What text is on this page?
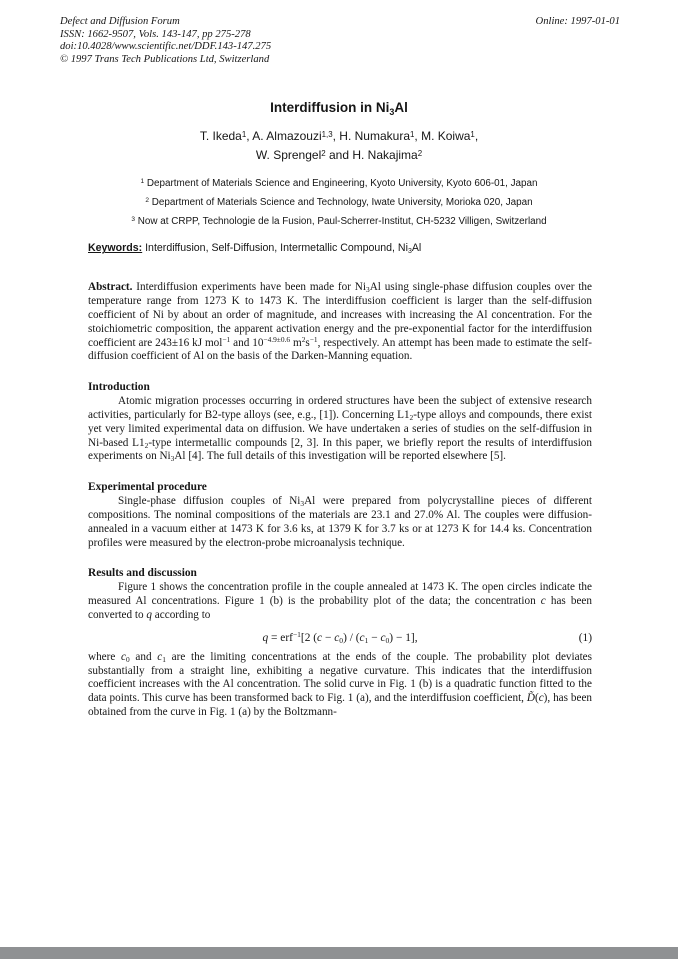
Defect and Diffusion Forum
ISSN: 1662-9507, Vols. 143-147, pp 275-278
doi:10.4028/www.scientific.net/DDF.143-147.275
© 1997 Trans Tech Publications Ltd, Switzerland
Online: 1997-01-01
Interdiffusion in Ni3Al
T. Ikeda$^1$, A. Almazouzi$^{1,3}$, H. Numakura$^1$, M. Koiwa$^1$,
W. Sprengel$^2$ and H. Nakajima$^2$
$^1$ Department of Materials Science and Engineering, Kyoto University, Kyoto 606-01, Japan
$^2$ Department of Materials Science and Technology, Iwate University, Morioka 020, Japan
$^3$ Now at CRPP, Technologie de la Fusion, Paul-Scherrer-Institut, CH-5232 Villigen, Switzerland
Keywords: Interdiffusion, Self-Diffusion, Intermetallic Compound, Ni3Al

Abstract. Interdiffusion experiments have been made for Ni3Al using single-phase diffusion couples over the temperature range from 1273 K to 1473 K. The interdiffusion coefficient is larger than the self-diffusion coefficient of Ni by about an order of magnitude, and increases with increasing the Al concentration. For the stoichiometric composition, the apparent activation energy and the pre-exponential factor for the interdiffusion coefficient are 243±16 kJ mol$^{-1}$ and $10^{-4.9\pm 0.6}$ $m^2s^{-1}$, respectively. An attempt has been made to estimate the self-diffusion coefficient of Al on the basis of the Darken-Manning equation.

Introduction

Atomic migration processes occurring in ordered structures have been the subject of extensive research activities, particularly for B2-type alloys (see, e.g., [1]). Concerning L12-type alloys and compounds, there exist yet very limited experimental data on diffusion. We have undertaken a series of studies on the self-diffusion in Ni-based L12-type intermetallic compounds [2, 3]. In this paper, we briefly report the results of interdiffusion experiments on Ni3Al [4]. The full details of this investigation will be reported elsewhere [5].

Experimental procedure

Single-phase diffusion couples of Ni3Al were prepared from polycrystalline pieces of different compositions. The nominal compositions of the materials are 23.1 and 27.0% Al. The couples were diffusion-annealed in a vacuum either at 1473 K for 3.6 ks, at 1379 K for 3.7 ks or at 1273 K for 14.4 ks. Concentration profiles were measured by the electron-probe microanalysis technique.

Results and discussion

Figure 1 shows the concentration profile in the couple annealed at 1473 K. The open circles indicate the measured Al concentrations. Figure 1 (b) is the probability plot of the data; the concentration c has been converted to q according to

q = erf$^{-1}$[2 (c − c0) / (c1 − c0) − 1],	(1)

where c0 and c1 are the limiting concentrations at the ends of the couple. The probability plot deviates substantially from a straight line, exhibiting a negative curvature. This indicates that the interdiffusion coefficient increases with the Al concentration. The solid curve in Fig. 1 (b) is a quadratic function fitted to the data points. This curve has been transformed back to Fig. 1 (a), and the interdiffusion coefficient, D̃(c), has been obtained from the curve in Fig. 1 (a) by the Boltzmann-
